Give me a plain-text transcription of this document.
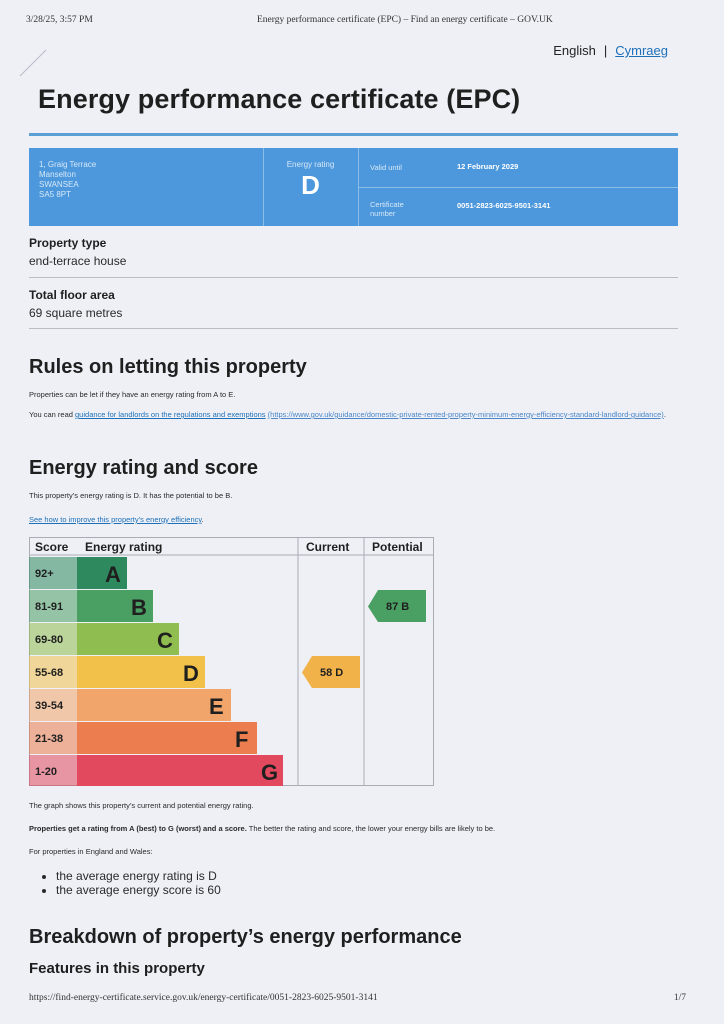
3/28/25, 3:57 PM	Energy performance certificate (EPC) – Find an energy certificate – GOV.UK
English | Cymraeg
Energy performance certificate (EPC)
1, Graig Terrace
Manselton
SWANSEA
SA5 8PT
Energy rating
D
Valid until	12 February 2029
Certificate number
0051-2823-6025-9501-3141
Property type
end-terrace house
Total floor area
69 square metres
Rules on letting this property
Properties can be let if they have an energy rating from A to E.
You can read guidance for landlords on the regulations and exemptions (https://www.gov.uk/guidance/domestic-private-rented-property-minimum-energy-efficiency-standard-landlord-guidance).
Energy rating and score
This property’s energy rating is D. It has the potential to be B.
See how to improve this property’s energy efficiency.
Score Energy rating	Current Potential
92+ A
81-91	B
69-80	C
55-68	D
39-54	E
21-38	F
1-20	G
58 D
87 B
The graph shows this property’s current and potential energy rating.
Properties get a rating from A (best) to G (worst) and a score. The better the rating and score, the lower your energy bills are likely to be.
For properties in England and Wales:
• the average energy rating is D
• the average energy score is 60
Breakdown of property’s energy performance
Features in this property
https://find-energy-certificate.service.gov.uk/energy-certificate/0051-2823-6025-9501-3141	1/7
